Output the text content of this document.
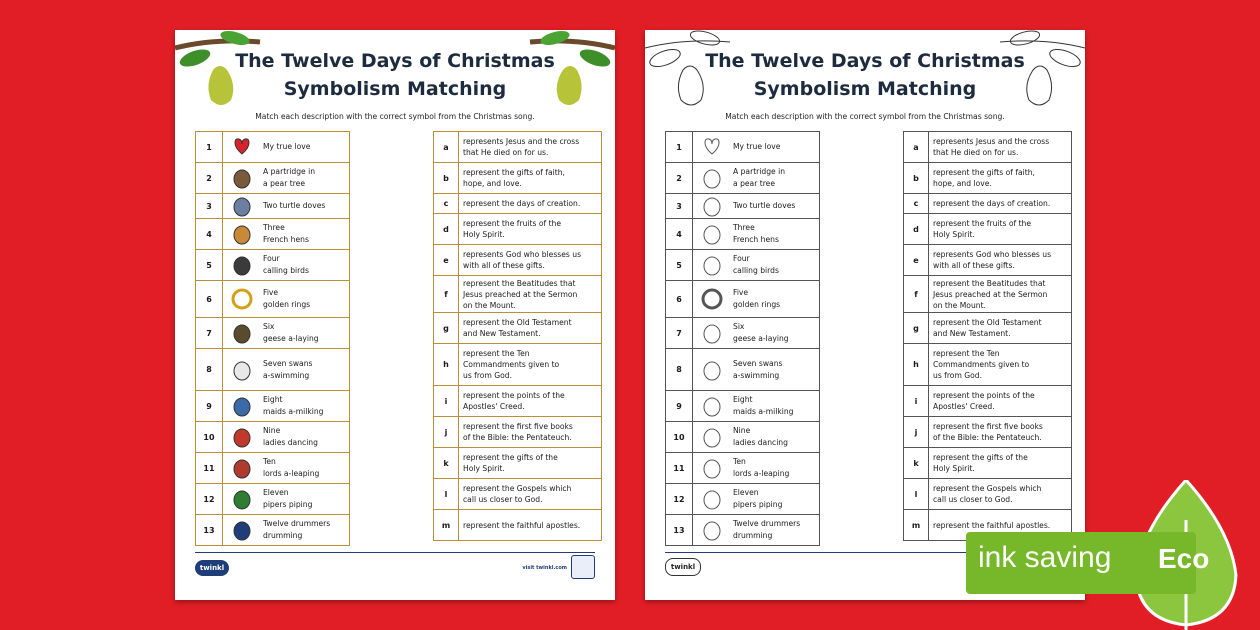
The Twelve Days of Christmas
Symbolism Matching
Match each description with the correct symbol from the Christmas song.
1		My true love

2		A partridge in
a pear tree

3		Two turtle doves

4		Three
French hens

5		Four
calling birds

6		Five
golden rings

7		Six
geese a-laying

8		Seven swans
a-swimming

9		Eight
maids a-milking

10		Nine
ladies dancing

11		Ten
lords a-leaping

12		Eleven
pipers piping

13		Twelve drummers
drumming
a	represents Jesus and the cross
that He died on for us.

b	represent the gifts of faith,
hope, and love.

c	represent the days of creation.

d	represent the fruits of the
Holy Spirit.

e	represents God who blesses us
with all of these gifts.

f	represent the Beatitudes that
Jesus preached at the Sermon
on the Mount.

g	represent the Old Testament
and New Testament.

h	represent the Ten
Commandments given to
us from God.

i	represent the points of the
Apostles' Creed.

j	represent the first five books
of the Bible: the Pentateuch.

k	represent the gifts of the
Holy Spirit.

l	represent the Gospels which
call us closer to God.

m	represent the faithful apostles.
twinkl	visit twinkl.com
The Twelve Days of Christmas
Symbolism Matching
Match each description with the correct symbol from the Christmas song.
1		My true love

2		A partridge in
a pear tree

3		Two turtle doves

4		Three
French hens

5		Four
calling birds

6		Five
golden rings

7		Six
geese a-laying

8		Seven swans
a-swimming

9		Eight
maids a-milking

10		Nine
ladies dancing

11		Ten
lords a-leaping

12		Eleven
pipers piping

13		Twelve drummers
drumming
a	represents Jesus and the cross
that He died on for us.

b	represent the gifts of faith,
hope, and love.

c	represent the days of creation.

d	represent the fruits of the
Holy Spirit.

e	represents God who blesses us
with all of these gifts.

f	represent the Beatitudes that
Jesus preached at the Sermon
on the Mount.

g	represent the Old Testament
and New Testament.

h	represent the Ten
Commandments given to
us from God.

i	represent the points of the
Apostles' Creed.

j	represent the first five books
of the Bible: the Pentateuch.

k	represent the gifts of the
Holy Spirit.

l	represent the Gospels which
call us closer to God.

m	represent the faithful apostles.
twinkl	ink saving Eco
